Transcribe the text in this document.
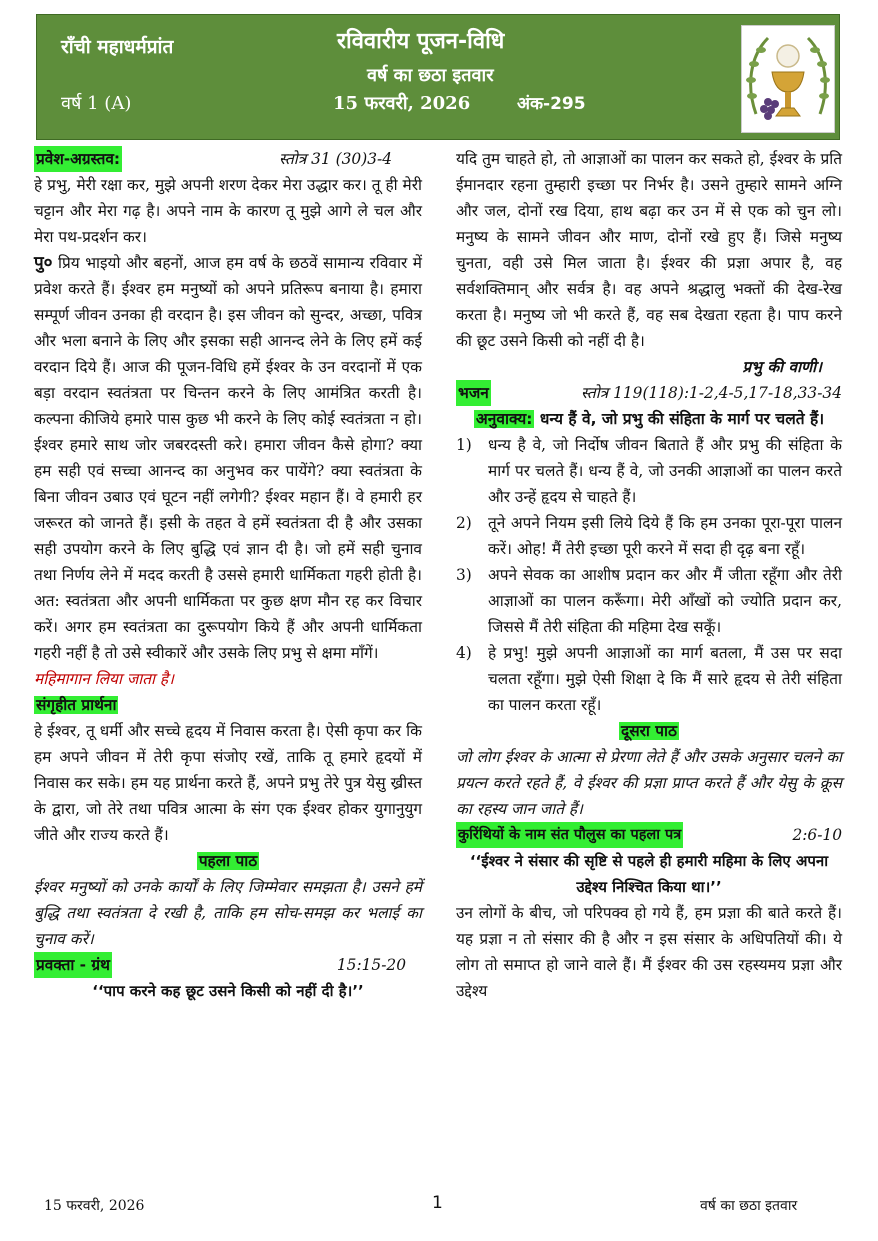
राँची महाधर्मप्रांत
वर्ष 1 (A)
रविवारीय पूजन-विधि
वर्ष का छठा इतवार
15 फरवरी, 2026	अंक-295
प्रवेश-अग्रस्तव:	स्तोत्र 31 (30)3-4

हे प्रभु, मेरी रक्षा कर, मुझे अपनी शरण देकर मेरा उद्धार कर। तू ही मेरी चट्टान और मेरा गढ़ है। अपने नाम के कारण तू मुझे आगे ले चल और मेरा पथ-प्रदर्शन कर।

पु० प्रिय भाइयो और बहनों, आज हम वर्ष के छठवें सामान्य रविवार में प्रवेश करते हैं। ईश्वर हम मनुष्यों को अपने प्रतिरूप बनाया है। हमारा सम्पूर्ण जीवन उनका ही वरदान है। इस जीवन को सुन्दर, अच्छा, पवित्र और भला बनाने के लिए और इसका सही आनन्द लेने के लिए हमें कई वरदान दिये हैं। आज की पूजन-विधि हमें ईश्वर के उन वरदानों में एक बड़ा वरदान स्वतंत्रता पर चिन्तन करने के लिए आमंत्रित करती है। कल्पना कीजिये हमारे पास कुछ भी करने के लिए कोई स्वतंत्रता न हो। ईश्वर हमारे साथ जोर जबरदस्ती करे। हमारा जीवन कैसे होगा? क्या हम सही एवं सच्चा आनन्द का अनुभव कर पायेंगे? क्या स्वतंत्रता के बिना जीवन उबाउ एवं घूटन नहीं लगेगी? ईश्वर महान हैं। वे हमारी हर जरूरत को जानते हैं। इसी के तहत वे हमें स्वतंत्रता दी है और उसका सही उपयोग करने के लिए बुद्धि एवं ज्ञान दी है। जो हमें सही चुनाव तथा निर्णय लेने में मदद करती है उससे हमारी धार्मिकता गहरी होती है। अत: स्वतंत्रता और अपनी धार्मिकता पर कुछ क्षण मौन रह कर विचार करें। अगर हम स्वतंत्रता का दुरूपयोग किये हैं और अपनी धार्मिकता गहरी नहीं है तो उसे स्वीकारें और उसके लिए प्रभु से क्षमा माँगें।

महिमागान लिया जाता है।

संगृहीत प्रार्थना

हे ईश्वर, तू धर्मी और सच्चे हृदय में निवास करता है। ऐसी कृपा कर कि हम अपने जीवन में तेरी कृपा संजोए रखें, ताकि तू हमारे हृदयों में निवास कर सके। हम यह प्रार्थना करते हैं, अपने प्रभु तेरे पुत्र येसु ख्रीस्त के द्वारा, जो तेरे तथा पवित्र आत्मा के संग एक ईश्वर होकर युगानुयुग जीते और राज्य करते हैं।

पहला पाठ

ईश्वर मनुष्यों को उनके कार्यों के लिए जिम्मेवार समझता है। उसने हमें बुद्धि तथा स्वतंत्रता दे रखी है, ताकि हम सोच-समझ कर भलाई का चुनाव करें।

प्रवक्ता - ग्रंथ	15:15-20

‘‘पाप करने कह छूट उसने किसी को नहीं दी है।’’

यदि तुम चाहते हो, तो आज्ञाओं का पालन कर सकते हो, ईश्वर के प्रति ईमानदार रहना तुम्हारी इच्छा पर निर्भर है। उसने तुम्हारे सामने अग्नि और जल, दोनों रख दिया, हाथ बढ़ा कर उन में से एक को चुन लो। मनुष्य के सामने जीवन और माण, दोनों रखे हुए हैं। जिसे मनुष्य चुनता, वही उसे मिल जाता है। ईश्वर की प्रज्ञा अपार है, वह सर्वशक्तिमान् और सर्वत्र है। वह अपने श्रद्धालु भक्तों की देख-रेख करता है। मनुष्य जो भी करते हैं, वह सब देखता रहता है। पाप करने की छूट उसने किसी को नहीं दी है।

प्रभु की वाणी।

भजन	स्तोत्र 119(118):1-2,4-5,17-18,33-34

अनुवाक्य: धन्य हैं वे, जो प्रभु की संहिता के मार्ग पर चलते हैं।

1) धन्य है वे, जो निर्दोष जीवन बिताते हैं और प्रभु की संहिता के मार्ग पर चलते हैं। धन्य हैं वे, जो उनकी आज्ञाओं का पालन करते और उन्हें हृदय से चाहते हैं।
2) तूने अपने नियम इसी लिये दिये हैं कि हम उनका पूरा-पूरा पालन करें। ओह! मैं तेरी इच्छा पूरी करने में सदा ही दृढ़ बना रहूँ।
3) अपने सेवक का आशीष प्रदान कर और मैं जीता रहूँगा और तेरी आज्ञाओं का पालन करूँगा। मेरी आँखों को ज्योति प्रदान कर, जिससे मैं तेरी संहिता की महिमा देख सकूँ।
4) हे प्रभु! मुझे अपनी आज्ञाओं का मार्ग बतला, मैं उस पर सदा चलता रहूँगा। मुझे ऐसी शिक्षा दे कि मैं सारे हृदय से तेरी संहिता का पालन करता रहूँ।
दूसरा पाठ

जो लोग ईश्वर के आत्मा से प्रेरणा लेते हैं और उसके अनुसार चलने का प्रयत्न करते रहते हैं, वे ईश्वर की प्रज्ञा प्राप्त करते हैं और येसु के क्रूस का रहस्य जान जाते हैं।

कुरिंथियों के नाम संत पौलुस का पहला पत्र	2:6-10

‘‘ईश्वर ने संसार की सृष्टि से पहले ही हमारी महिमा के लिए अपना उद्देश्य निश्चित किया था।’’

उन लोगों के बीच, जो परिपक्व हो गये हैं, हम प्रज्ञा की बाते करते हैं। यह प्रज्ञा न तो संसार की है और न इस संसार के अधिपतियों की। ये लोग तो समाप्त हो जाने वाले हैं। मैं ईश्वर की उस रहस्यमय प्रज्ञा और उद्देश्य

15 फरवरी, 2026	1	वर्ष का छठा इतवार
